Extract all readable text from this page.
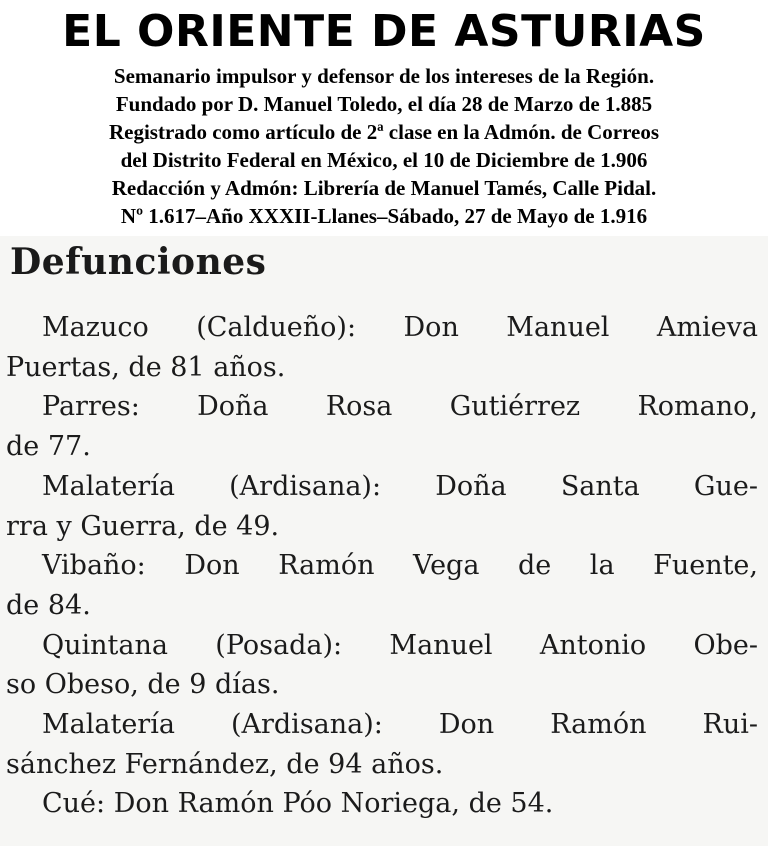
EL ORIENTE DE ASTURIAS

Semanario impulsor y defensor de los intereses de la Región.

Fundado por D. Manuel Toledo, el día 28 de Marzo de 1.885

Registrado como artículo de 2ª clase en la Admón. de Correos

del Distrito Federal en México, el 10 de Diciembre de 1.906

Redacción y Admón: Librería de Manuel Tamés, Calle Pidal.

Nº 1.617–Año XXXII-Llanes–Sábado, 27 de Mayo de 1.916

Defunciones

Mazuco (Caldueño): Don Manuel Amieva

Puertas, de 81 años.

Parres: Doña Rosa Gutiérrez Romano,

de 77.

Malatería (Ardisana): Doña Santa Gue-

rra y Guerra, de 49.

Vibaño: Don Ramón Vega de la Fuente,

de 84.

Quintana (Posada): Manuel Antonio Obe-

so Obeso, de 9 días.

Malatería (Ardisana): Don Ramón Rui-

sánchez Fernández, de 94 años.

Cué: Don Ramón Póo Noriega, de 54.
